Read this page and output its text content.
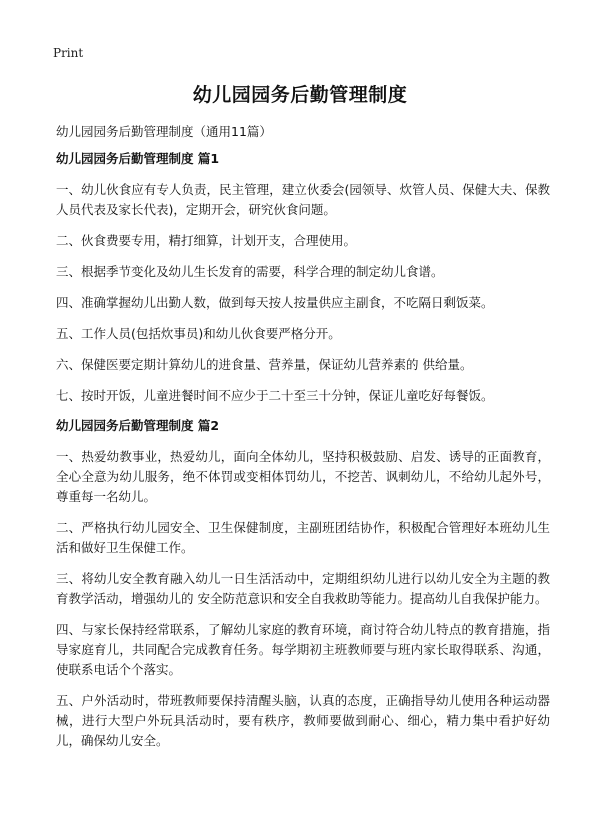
Print
幼儿园园务后勤管理制度

幼儿园园务后勤管理制度（通用11篇）

幼儿园园务后勤管理制度 篇1

一、幼儿伙食应有专人负责，民主管理，建立伙委会(园领导、炊管人员、保健大夫、保教人员代表及家长代表)，定期开会，研究伙食问题。

二、伙食费要专用，精打细算，计划开支，合理使用。

三、根据季节变化及幼儿生长发育的需要，科学合理的制定幼儿食谱。

四、准确掌握幼儿出勤人数，做到每天按人按量供应主副食，不吃隔日剩饭菜。

五、工作人员(包括炊事员)和幼儿伙食要严格分开。

六、保健医要定期计算幼儿的进食量、营养量，保证幼儿营养素的 供给量。

七、按时开饭，儿童进餐时间不应少于二十至三十分钟，保证儿童吃好每餐饭。

幼儿园园务后勤管理制度 篇2

一、热爱幼教事业，热爱幼儿，面向全体幼儿，坚持积极鼓励、启发、诱导的正面教育，全心全意为幼儿服务，绝不体罚或变相体罚幼儿，不挖苦、讽刺幼儿，不给幼儿起外号，尊重每一名幼儿。

二、严格执行幼儿园安全、卫生保健制度，主副班团结协作，积极配合管理好本班幼儿生活和做好卫生保健工作。

三、将幼儿安全教育融入幼儿一日生活活动中，定期组织幼儿进行以幼儿安全为主题的教育教学活动，增强幼儿的 安全防范意识和安全自我救助等能力。提高幼儿自我保护能力。

四、与家长保持经常联系，了解幼儿家庭的教育环境，商讨符合幼儿特点的教育措施，指导家庭育儿，共同配合完成教育任务。每学期初主班教师要与班内家长取得联系、沟通，使联系电话个个落实。

五、户外活动时，带班教师要保持清醒头脑，认真的态度，正确指导幼儿使用各种运动器械，进行大型户外玩具活动时，要有秩序，教师要做到耐心、细心，精力集中看护好幼儿，确保幼儿安全。
